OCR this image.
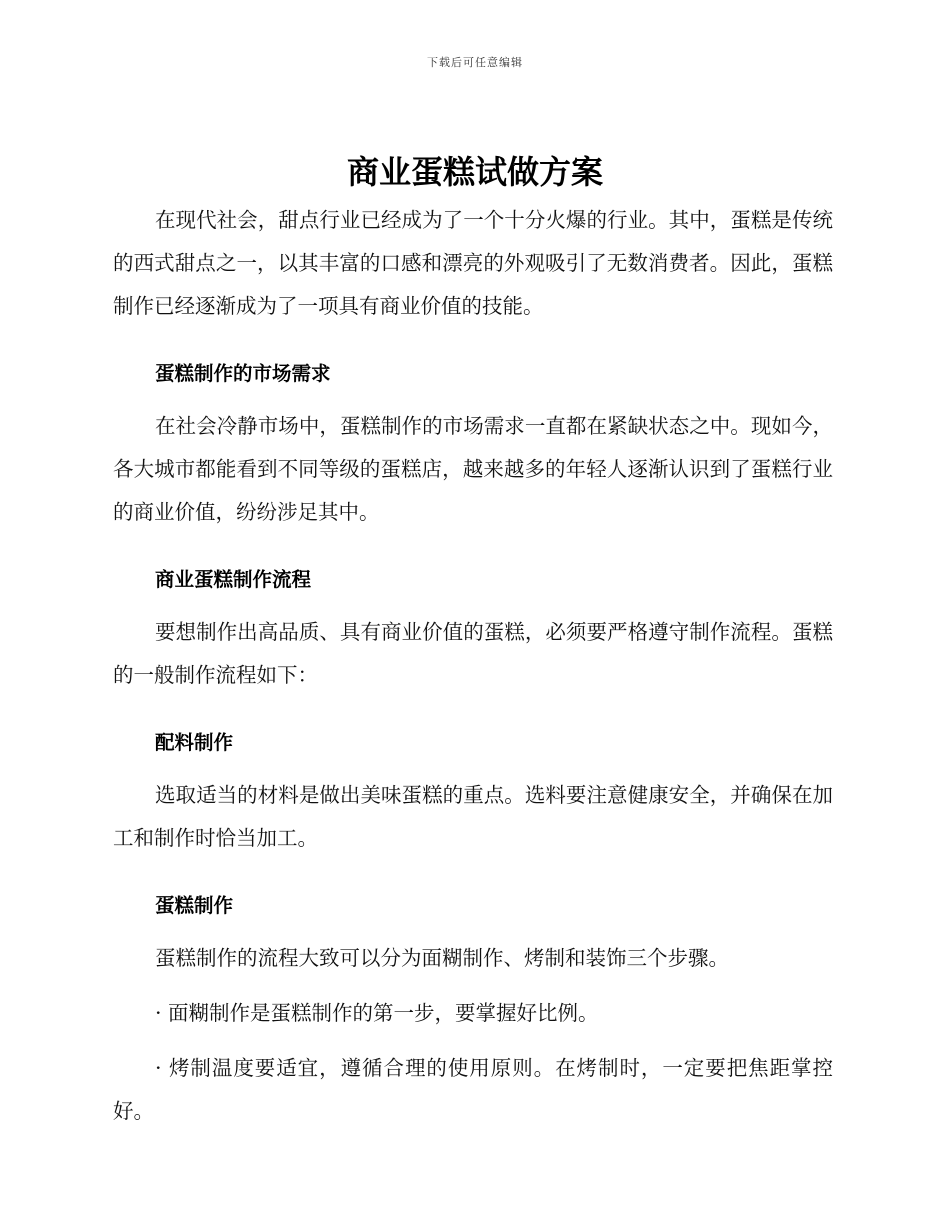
下载后可任意编辑
商业蛋糕试做方案

在现代社会，甜点行业已经成为了一个十分火爆的行业。其中，蛋糕是传统的西式甜点之一，以其丰富的口感和漂亮的外观吸引了无数消费者。因此，蛋糕制作已经逐渐成为了一项具有商业价值的技能。

蛋糕制作的市场需求

在社会冷静市场中，蛋糕制作的市场需求一直都在紧缺状态之中。现如今，各大城市都能看到不同等级的蛋糕店，越来越多的年轻人逐渐认识到了蛋糕行业的商业价值，纷纷涉足其中。

商业蛋糕制作流程

要想制作出高品质、具有商业价值的蛋糕，必须要严格遵守制作流程。蛋糕的一般制作流程如下：

配料制作

选取适当的材料是做出美味蛋糕的重点。选料要注意健康安全，并确保在加工和制作时恰当加工。

蛋糕制作

蛋糕制作的流程大致可以分为面糊制作、烤制和装饰三个步骤。

· 面糊制作是蛋糕制作的第一步，要掌握好比例。

· 烤制温度要适宜，遵循合理的使用原则。在烤制时，一定要把焦距掌控好。
